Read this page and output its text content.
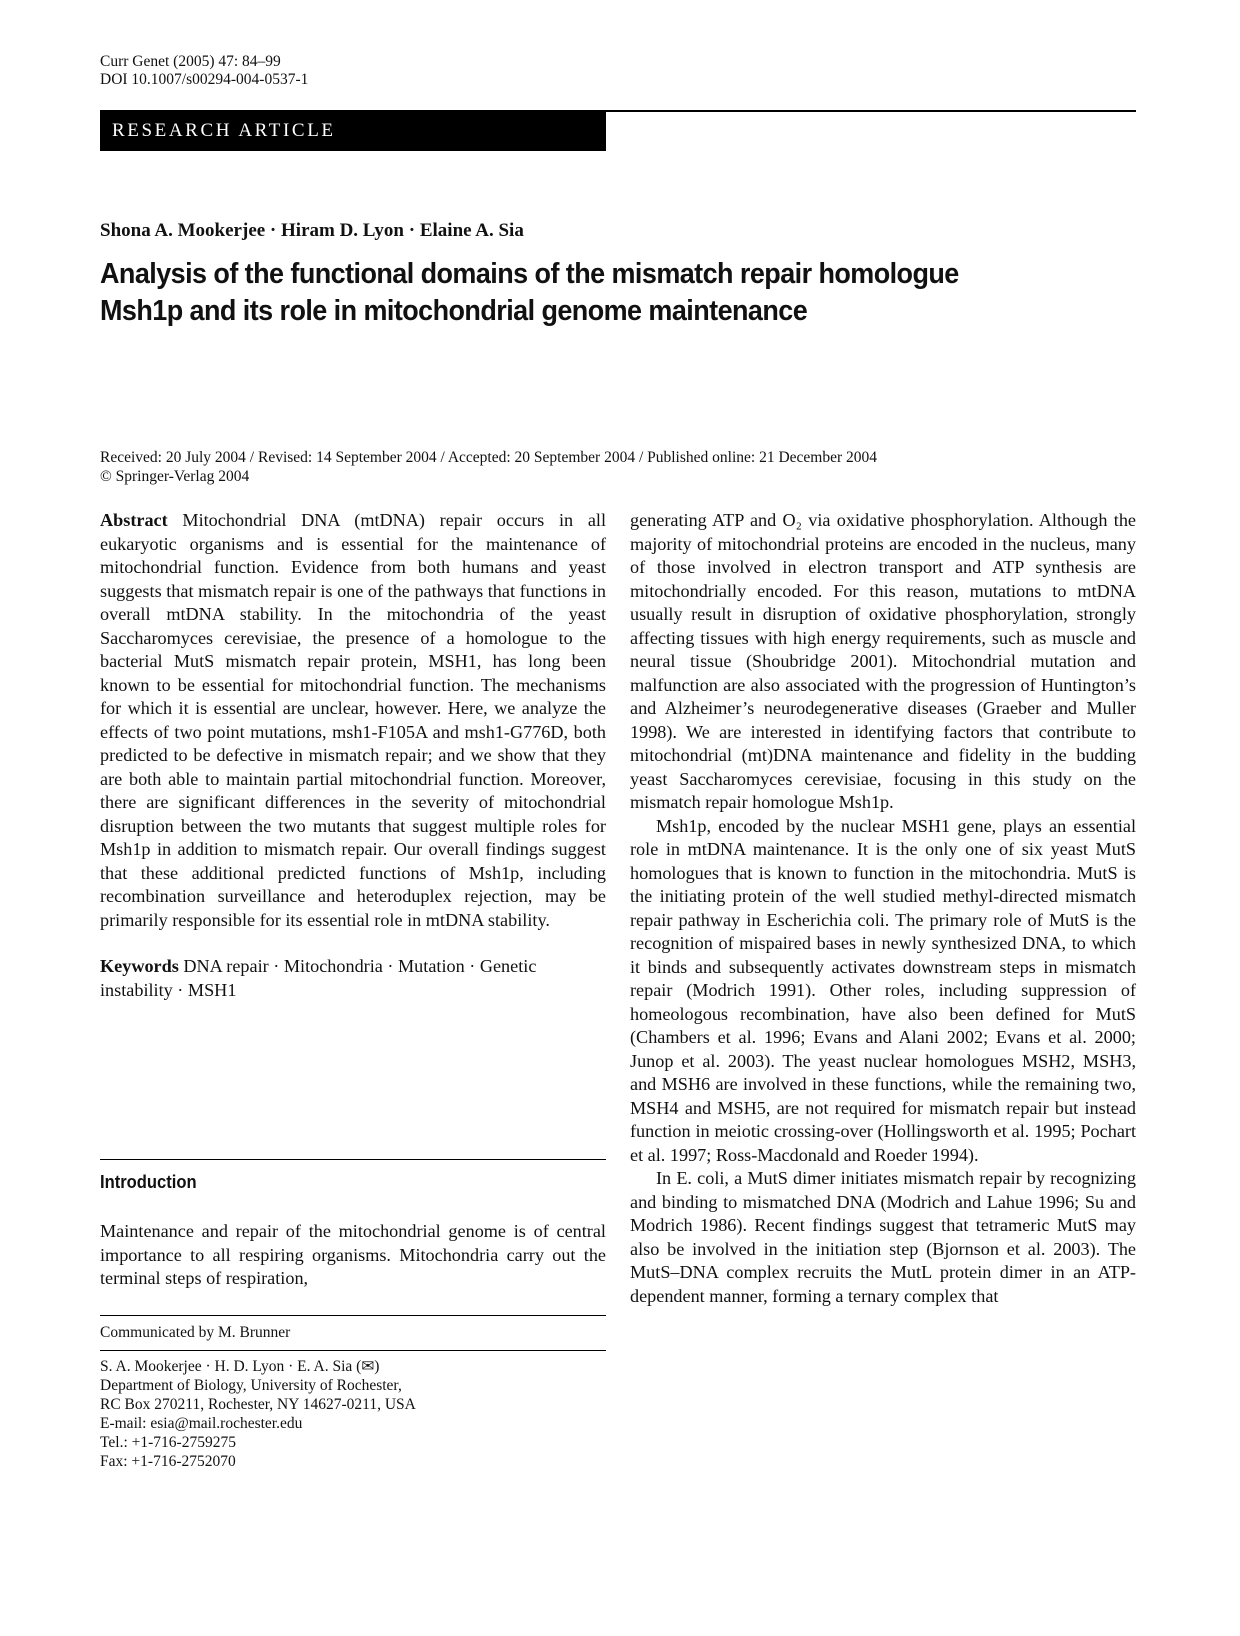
Curr Genet (2005) 47: 84–99
DOI 10.1007/s00294-004-0537-1
RESEARCH ARTICLE
Shona A. Mookerjee · Hiram D. Lyon · Elaine A. Sia
Analysis of the functional domains of the mismatch repair homologue
Msh1p and its role in mitochondrial genome maintenance
Received: 20 July 2004 / Revised: 14 September 2004 / Accepted: 20 September 2004 / Published online: 21 December 2004
© Springer-Verlag 2004

Abstract Mitochondrial DNA (mtDNA) repair occurs in all eukaryotic organisms and is essential for the maintenance of mitochondrial function. Evidence from both humans and yeast suggests that mismatch repair is one of the pathways that functions in overall mtDNA stability. In the mitochondria of the yeast Saccharomyces cerevisiae, the presence of a homologue to the bacterial MutS mismatch repair protein, MSH1, has long been known to be essential for mitochondrial function. The mechanisms for which it is essential are unclear, however. Here, we analyze the effects of two point mutations, msh1-F105A and msh1-G776D, both predicted to be defective in mismatch repair; and we show that they are both able to maintain partial mitochondrial function. Moreover, there are significant differences in the severity of mitochondrial disruption between the two mutants that suggest multiple roles for Msh1p in addition to mismatch repair. Our overall findings suggest that these additional predicted functions of Msh1p, including recombination surveillance and heteroduplex rejection, may be primarily responsible for its essential role in mtDNA stability.

Keywords DNA repair · Mitochondria · Mutation · Genetic instability · MSH1

Introduction

Maintenance and repair of the mitochondrial genome is of central importance to all respiring organisms. Mitochondria carry out the terminal steps of respiration,

Communicated by M. Brunner
S. A. Mookerjee · H. D. Lyon · E. A. Sia (✉)
Department of Biology, University of Rochester,
RC Box 270211, Rochester, NY 14627-0211, USA
E-mail: esia@mail.rochester.edu
Tel.: +1-716-2759275
Fax: +1-716-2752070

generating ATP and O₂ via oxidative phosphorylation. Although the majority of mitochondrial proteins are encoded in the nucleus, many of those involved in electron transport and ATP synthesis are mitochondrially encoded. For this reason, mutations to mtDNA usually result in disruption of oxidative phosphorylation, strongly affecting tissues with high energy requirements, such as muscle and neural tissue (Shoubridge 2001). Mitochondrial mutation and malfunction are also associated with the progression of Huntington’s and Alzheimer’s neurodegenerative diseases (Graeber and Muller 1998). We are interested in identifying factors that contribute to mitochondrial (mt)DNA maintenance and fidelity in the budding yeast Saccharomyces cerevisiae, focusing in this study on the mismatch repair homologue Msh1p.

Msh1p, encoded by the nuclear MSH1 gene, plays an essential role in mtDNA maintenance. It is the only one of six yeast MutS homologues that is known to function in the mitochondria. MutS is the initiating protein of the well studied methyl-directed mismatch repair pathway in Escherichia coli. The primary role of MutS is the recognition of mispaired bases in newly synthesized DNA, to which it binds and subsequently activates downstream steps in mismatch repair (Modrich 1991). Other roles, including suppression of homeologous recombination, have also been defined for MutS (Chambers et al. 1996; Evans and Alani 2002; Evans et al. 2000; Junop et al. 2003). The yeast nuclear homologues MSH2, MSH3, and MSH6 are involved in these functions, while the remaining two, MSH4 and MSH5, are not required for mismatch repair but instead function in meiotic crossing-over (Hollingsworth et al. 1995; Pochart et al. 1997; Ross-Macdonald and Roeder 1994).

In E. coli, a MutS dimer initiates mismatch repair by recognizing and binding to mismatched DNA (Modrich and Lahue 1996; Su and Modrich 1986). Recent findings suggest that tetrameric MutS may also be involved in the initiation step (Bjornson et al. 2003). The MutS–DNA complex recruits the MutL protein dimer in an ATP-dependent manner, forming a ternary complex that
